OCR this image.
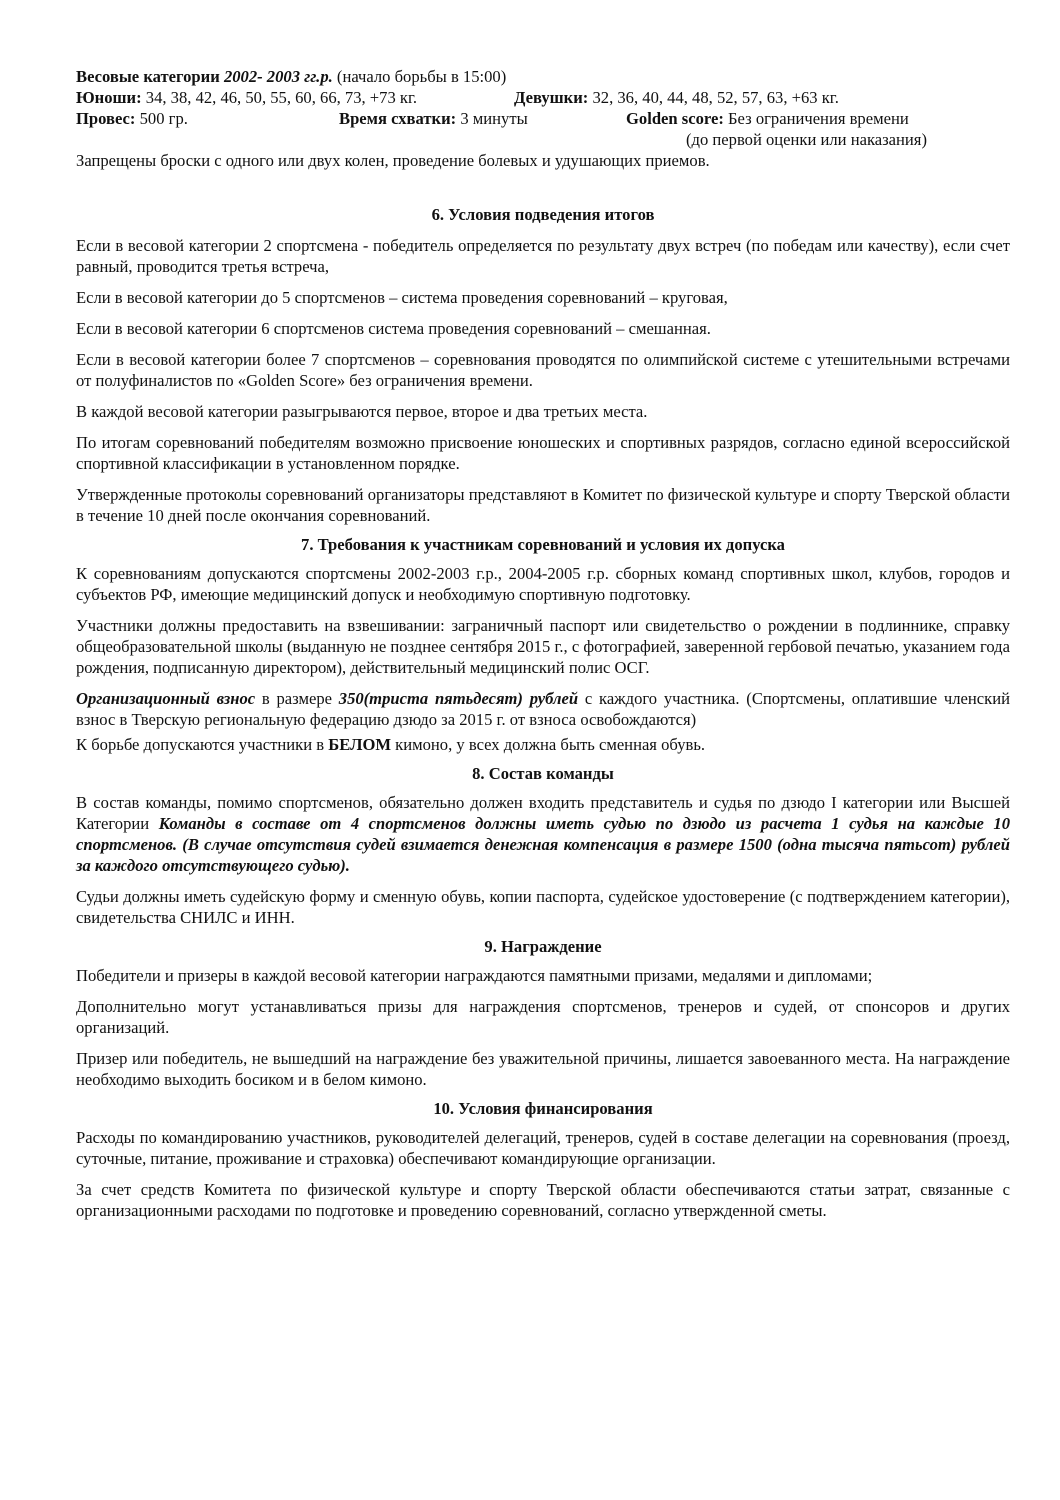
Весовые категории 2002- 2003 гг.р. (начало борьбы в 15:00)
Юноши: 34, 38, 42, 46, 50, 55, 60, 66, 73, +73 кг.	Девушки: 32, 36, 40, 44, 48, 52, 57, 63, +63 кг.
Провес: 500 гр.	Время схватки: 3 минуты	Golden score: Без ограничения времени
(до первой оценки или наказания)
Запрещены броски с одного или двух колен, проведение болевых и удушающих приемов.

6. Условия подведения итогов

Если в весовой категории 2 спортсмена - победитель определяется по результату двух встреч (по победам или качеству), если счет равный, проводится третья встреча,

Если в весовой категории до 5 спортсменов – система проведения соревнований – круговая,

Если в весовой категории 6 спортсменов система проведения соревнований – смешанная.

Если в весовой категории более 7 спортсменов – соревнования проводятся по олимпийской системе с утешительными встречами от полуфиналистов по «Golden Score» без ограничения времени.

В каждой весовой категории разыгрываются первое, второе и два третьих места.

По итогам соревнований победителям возможно присвоение юношеских и спортивных разрядов, согласно единой всероссийской спортивной классификации в установленном порядке.

Утвержденные протоколы соревнований организаторы представляют в Комитет по физической культуре и спорту Тверской области в течение 10 дней после окончания соревнований.

7. Требования к участникам соревнований и условия их допуска

К соревнованиям допускаются спортсмены 2002-2003 г.р., 2004-2005 г.р. сборных команд спортивных школ, клубов, городов и субъектов РФ, имеющие медицинский допуск и необходимую спортивную подготовку.

Участники должны предоставить на взвешивании: заграничный паспорт или свидетельство о рождении в подлиннике, справку общеобразовательной школы (выданную не позднее сентября 2015 г., с фотографией, заверенной гербовой печатью, указанием года рождения, подписанную директором), действительный медицинский полис ОСГ.

Организационный взнос в размере 350(триста пятьдесят) рублей с каждого участника. (Спортсмены, оплатившие членский взнос в Тверскую региональную федерацию дзюдо за 2015 г. от взноса освобождаются)

К борьбе допускаются участники в БЕЛОМ кимоно, у всех должна быть сменная обувь.

8. Состав команды

В состав команды, помимо спортсменов, обязательно должен входить представитель и судья по дзюдо I категории или Высшей Категории Команды в составе от 4 спортсменов должны иметь судью по дзюдо из расчета 1 судья на каждые 10 спортсменов. (В случае отсутствия судей взимается денежная компенсация в размере 1500 (одна тысяча пятьсот) рублей за каждого отсутствующего судью).

Судьи должны иметь судейскую форму и сменную обувь, копии паспорта, судейское удостоверение (с подтверждением категории), свидетельства СНИЛС и ИНН.

9. Награждение

Победители и призеры в каждой весовой категории награждаются памятными призами, медалями и дипломами;

Дополнительно могут устанавливаться призы для награждения спортсменов, тренеров и судей, от спонсоров и других организаций.

Призер или победитель, не вышедший на награждение без уважительной причины, лишается завоеванного места. На награждение необходимо выходить босиком и в белом кимоно.

10. Условия финансирования

Расходы по командированию участников, руководителей делегаций, тренеров, судей в составе делегации на соревнования (проезд, суточные, питание, проживание и страховка) обеспечивают командирующие организации.

За счет средств Комитета по физической культуре и спорту Тверской области обеспечиваются статьи затрат, связанные с организационными расходами по подготовке и проведению соревнований, согласно утвержденной сметы.
